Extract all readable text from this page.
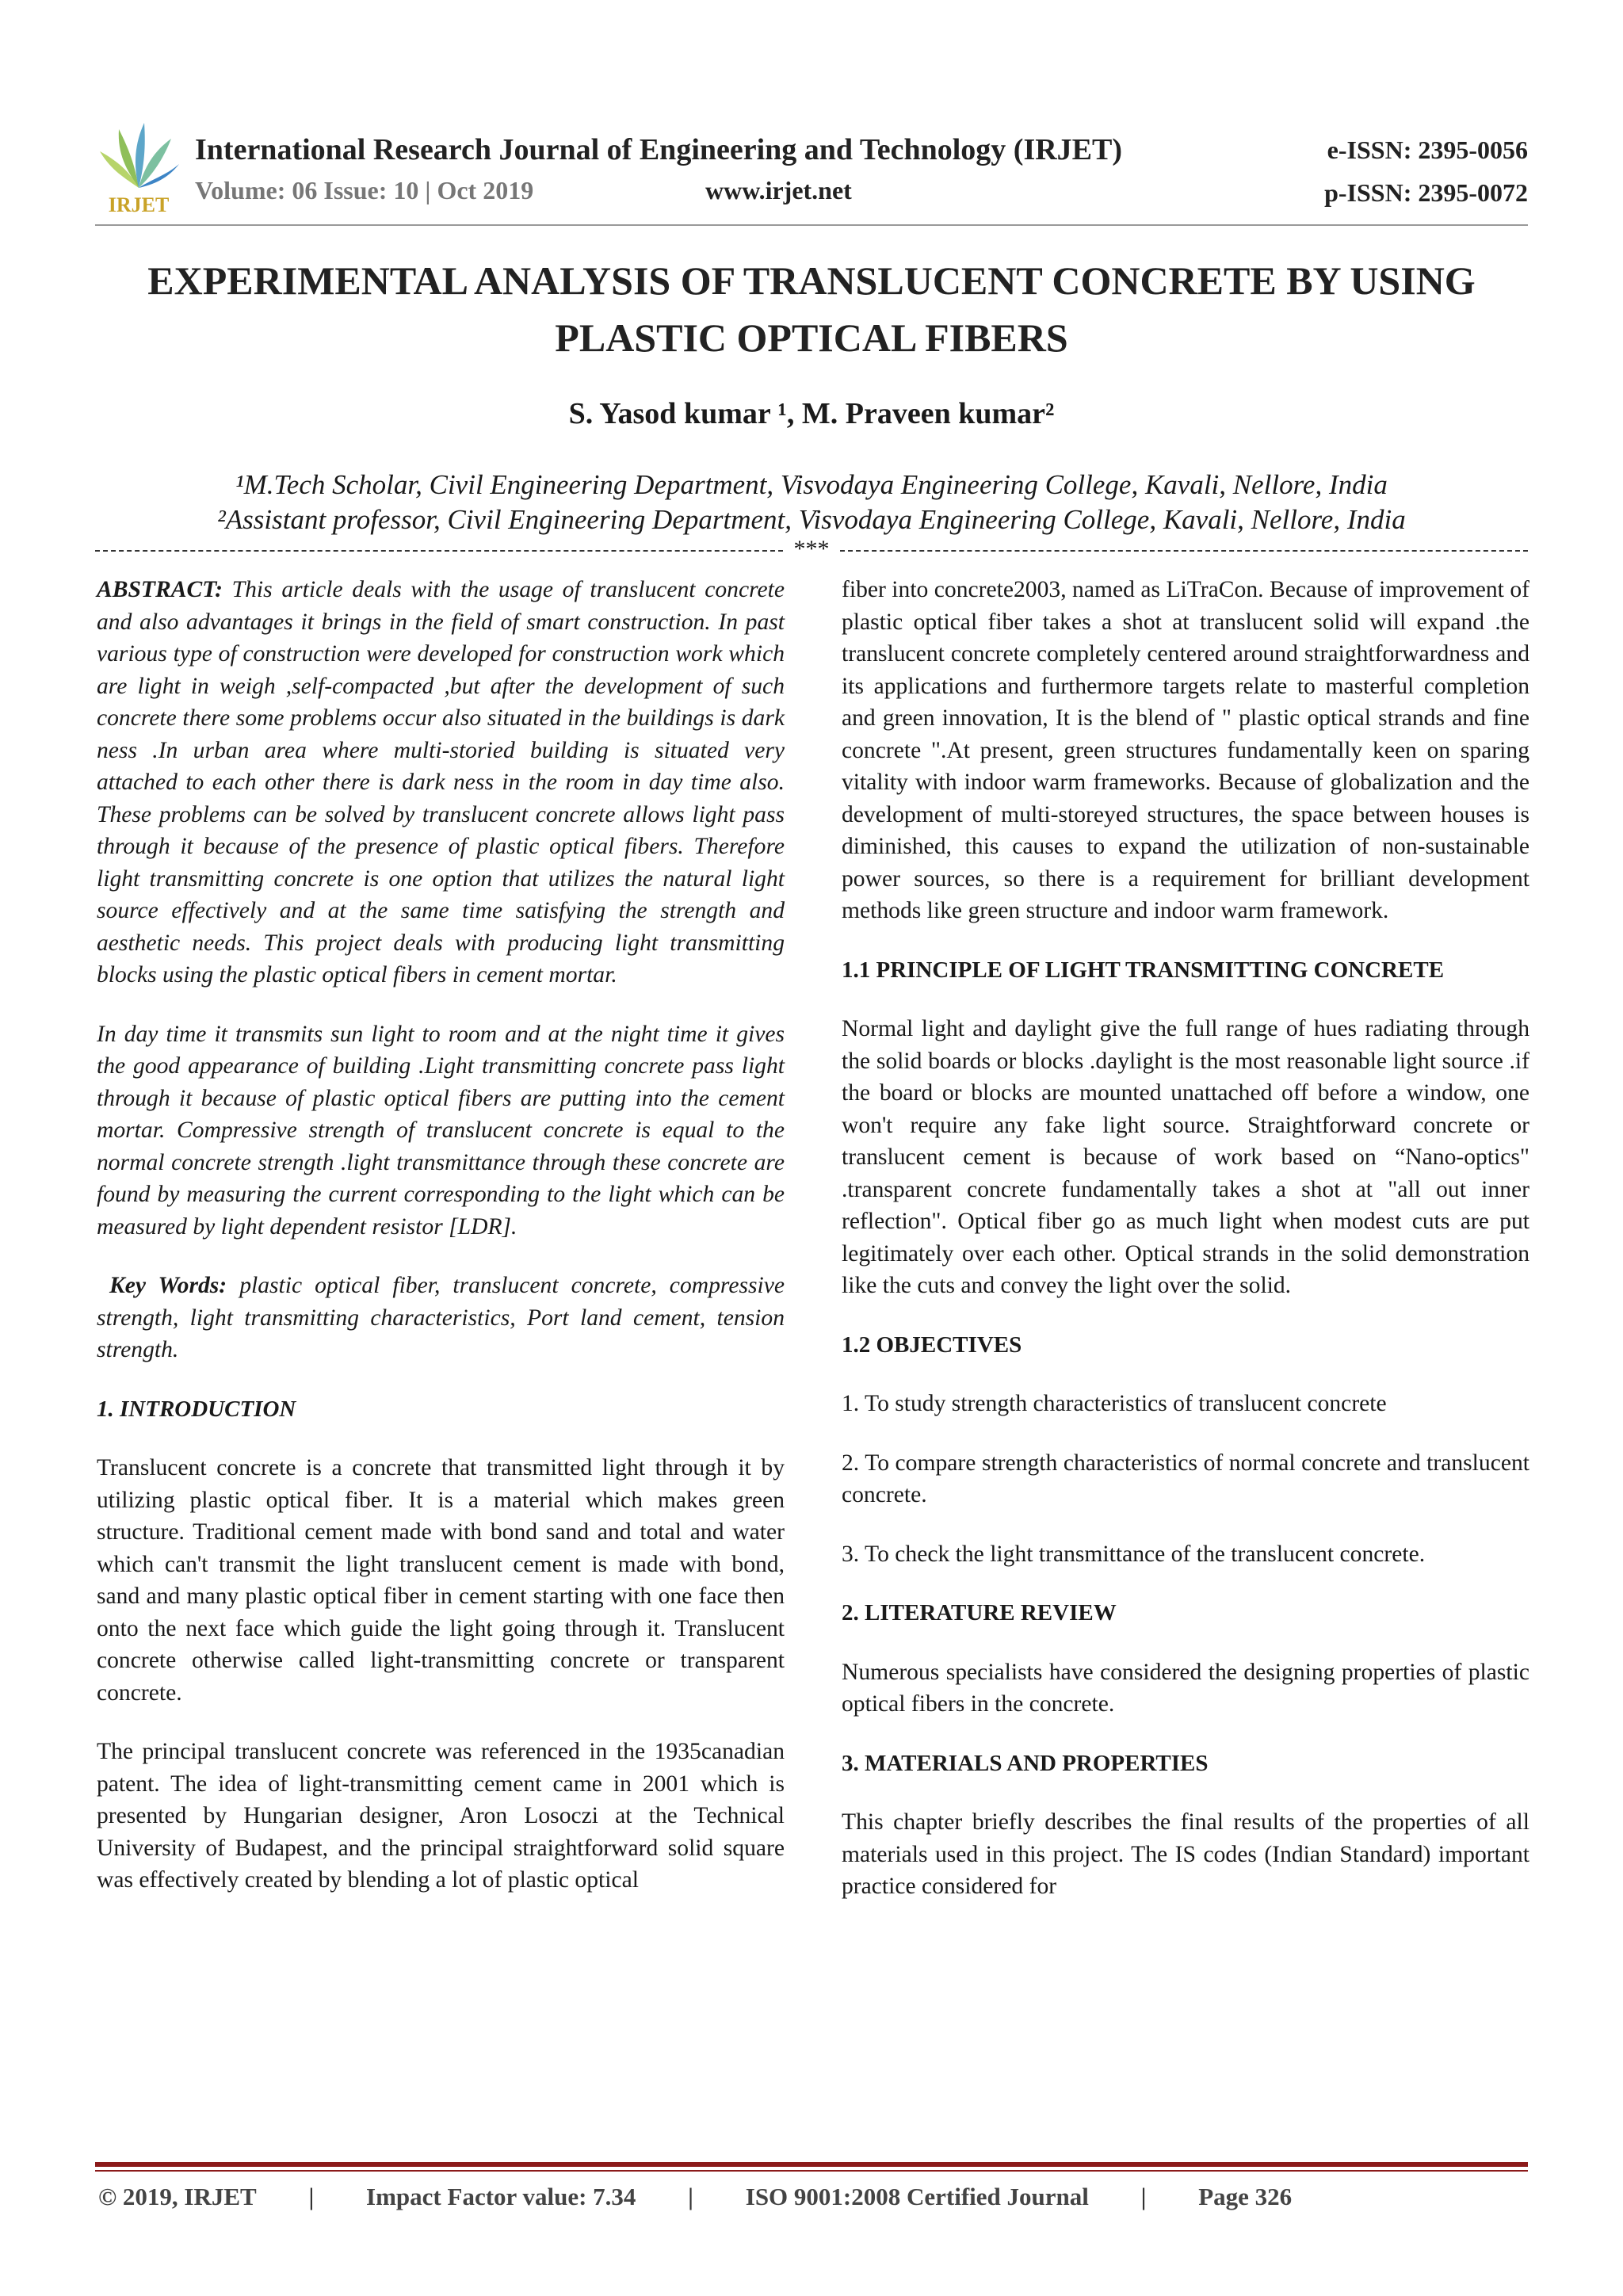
IRJET
International Research Journal of Engineering and Technology (IRJET)
Volume: 06 Issue: 10 | Oct 2019	www.irjet.net
e-ISSN: 2395-0056
p-ISSN: 2395-0072
EXPERIMENTAL ANALYSIS OF TRANSLUCENT CONCRETE BY USING
PLASTIC OPTICAL FIBERS
S. Yasod kumar ¹, M. Praveen kumar²
¹M.Tech Scholar, Civil Engineering Department, Visvodaya Engineering College, Kavali, Nellore, India
²Assistant professor, Civil Engineering Department, Visvodaya Engineering College, Kavali, Nellore, India
***

ABSTRACT: This article deals with the usage of translucent concrete and also advantages it brings in the field of smart construction. In past various type of construction were developed for construction work which are light in weigh ,self-compacted ,but after the development of such concrete there some problems occur also situated in the buildings is dark ness .In urban area where multi-storied building is situated very attached to each other there is dark ness in the room in day time also. These problems can be solved by translucent concrete allows light pass through it because of the presence of plastic optical fibers. Therefore light transmitting concrete is one option that utilizes the natural light source effectively and at the same time satisfying the strength and aesthetic needs. This project deals with producing light transmitting blocks using the plastic optical fibers in cement mortar.

In day time it transmits sun light to room and at the night time it gives the good appearance of building .Light transmitting concrete pass light through it because of plastic optical fibers are putting into the cement mortar. Compressive strength of translucent concrete is equal to the normal concrete strength .light transmittance through these concrete are found by measuring the current corresponding to the light which can be measured by light dependent resistor [LDR].

Key Words: plastic optical fiber, translucent concrete, compressive strength, light transmitting characteristics, Port land cement, tension strength.

1. INTRODUCTION

Translucent concrete is a concrete that transmitted light through it by utilizing plastic optical fiber. It is a material which makes green structure. Traditional cement made with bond sand and total and water which can't transmit the light translucent cement is made with bond, sand and many plastic optical fiber in cement starting with one face then onto the next face which guide the light going through it. Translucent concrete otherwise called light-transmitting concrete or transparent concrete.

The principal translucent concrete was referenced in the 1935canadian patent. The idea of light-transmitting cement came in 2001 which is presented by Hungarian designer, Aron Losoczi at the Technical University of Budapest, and the principal straightforward solid square was effectively created by blending a lot of plastic optical

fiber into concrete2003, named as LiTraCon. Because of improvement of plastic optical fiber takes a shot at translucent solid will expand .the translucent concrete completely centered around straightforwardness and its applications and furthermore targets relate to masterful completion and green innovation, It is the blend of " plastic optical strands and fine concrete ".At present, green structures fundamentally keen on sparing vitality with indoor warm frameworks. Because of globalization and the development of multi-storeyed structures, the space between houses is diminished, this causes to expand the utilization of non-sustainable power sources, so there is a requirement for brilliant development methods like green structure and indoor warm framework.

1.1 PRINCIPLE OF LIGHT TRANSMITTING CONCRETE

Normal light and daylight give the full range of hues radiating through the solid boards or blocks .daylight is the most reasonable light source .if the board or blocks are mounted unattached off before a window, one won't require any fake light source. Straightforward concrete or translucent cement is because of work based on “Nano-optics" .transparent concrete fundamentally takes a shot at "all out inner reflection". Optical fiber go as much light when modest cuts are put legitimately over each other. Optical strands in the solid demonstration like the cuts and convey the light over the solid.

1.2 OBJECTIVES

1. To study strength characteristics of translucent concrete

2. To compare strength characteristics of normal concrete and translucent concrete.

3. To check the light transmittance of the translucent concrete.

2. LITERATURE REVIEW

Numerous specialists have considered the designing properties of plastic optical fibers in the concrete.

3. MATERIALS AND PROPERTIES

This chapter briefly describes the final results of the properties of all materials used in this project. The IS codes (Indian Standard) important practice considered for

© 2019, IRJET | Impact Factor value: 7.34 | ISO 9001:2008 Certified Journal | Page 326
